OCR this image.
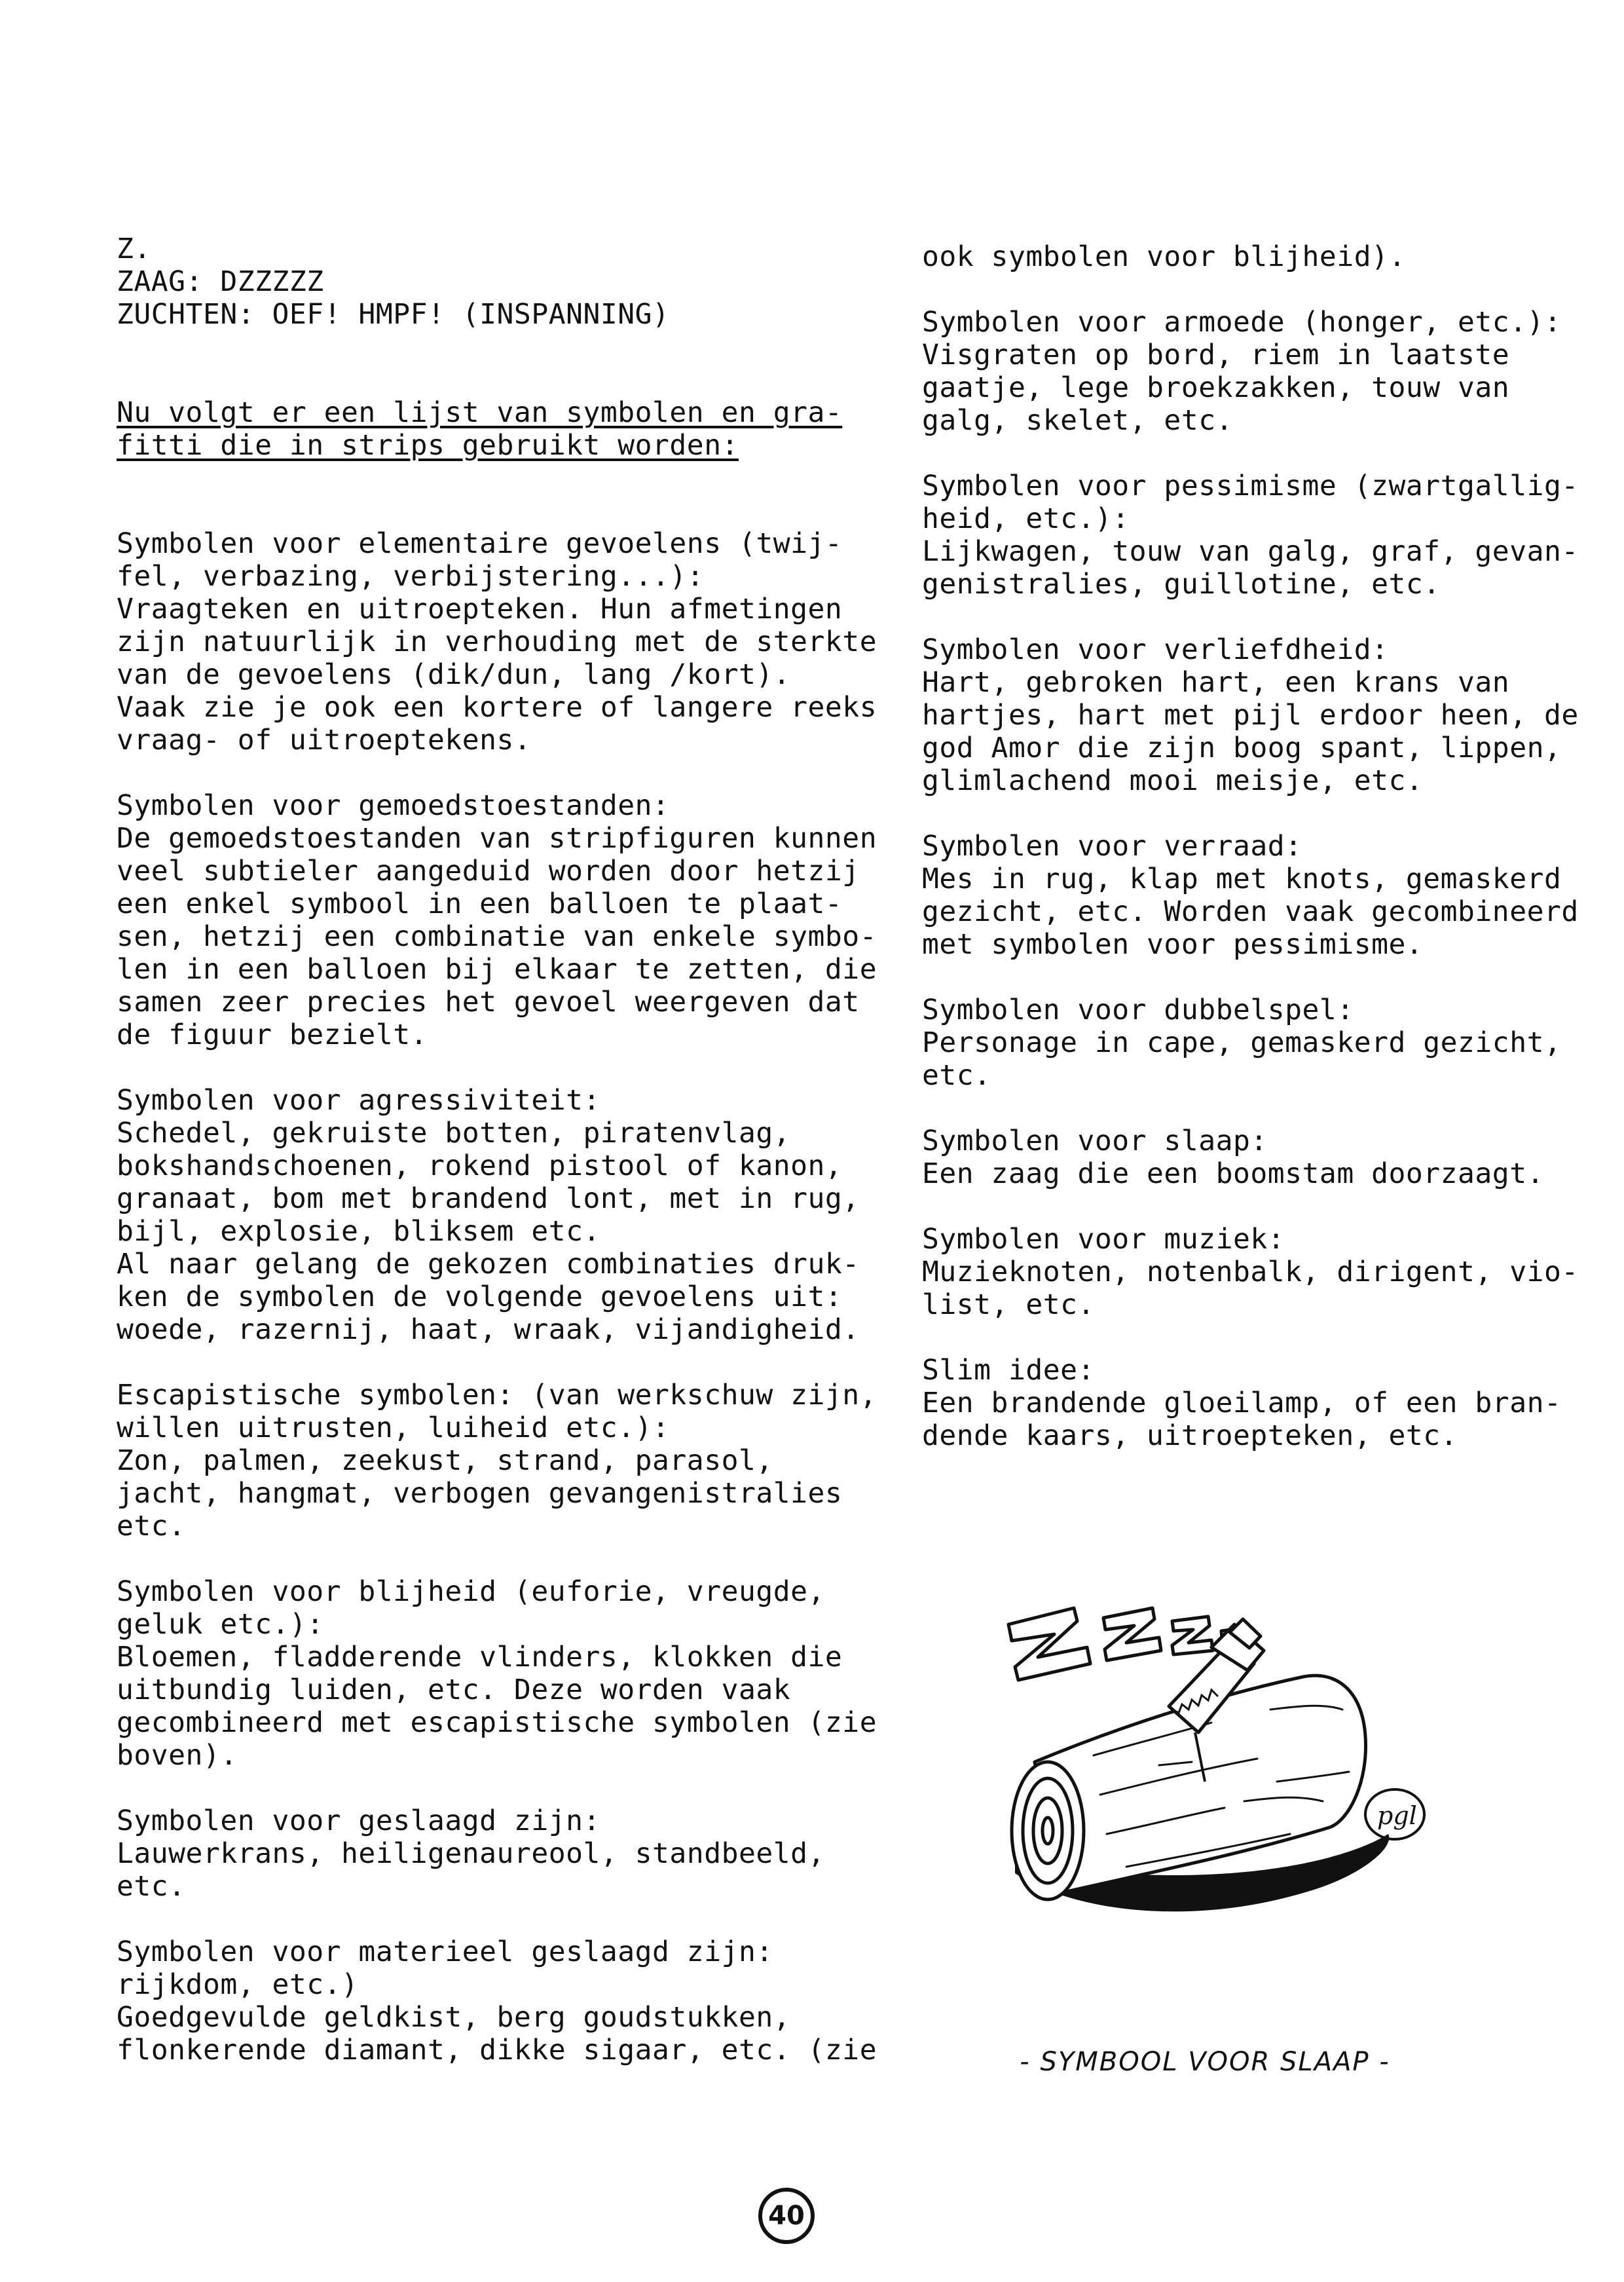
Z.
ZAAG: DZZZZZ
ZUCHTEN: OEF! HMPF! (INSPANNING)
Nu volgt er een lijst van symbolen en gra-
fitti die in strips gebruikt worden:
Symbolen voor elementaire gevoelens (twij-
fel, verbazing, verbijstering...):
Vraagteken en uitroepteken. Hun afmetingen
zijn natuurlijk in verhouding met de sterkte
van de gevoelens (dik/dun, lang /kort).
Vaak zie je ook een kortere of langere reeks
vraag- of uitroeptekens.
Symbolen voor gemoedstoestanden:
De gemoedstoestanden van stripfiguren kunnen
veel subtieler aangeduid worden door hetzij
een enkel symbool in een balloen te plaat-
sen, hetzij een combinatie van enkele symbo-
len in een balloen bij elkaar te zetten, die
samen zeer precies het gevoel weergeven dat
de figuur bezielt.
Symbolen voor agressiviteit:
Schedel, gekruiste botten, piratenvlag,
bokshandschoenen, rokend pistool of kanon,
granaat, bom met brandend lont, met in rug,
bijl, explosie, bliksem etc.
Al naar gelang de gekozen combinaties druk-
ken de symbolen de volgende gevoelens uit:
woede, razernij, haat, wraak, vijandigheid.
Escapistische symbolen: (van werkschuw zijn,
willen uitrusten, luiheid etc.):
Zon, palmen, zeekust, strand, parasol,
jacht, hangmat, verbogen gevangenistralies
etc.
Symbolen voor blijheid (euforie, vreugde,
geluk etc.):
Bloemen, fladderende vlinders, klokken die
uitbundig luiden, etc. Deze worden vaak
gecombineerd met escapistische symbolen (zie
boven).
Symbolen voor geslaagd zijn:
Lauwerkrans, heiligenaureool, standbeeld,
etc.
Symbolen voor materieel geslaagd zijn:
rijkdom, etc.)
Goedgevulde geldkist, berg goudstukken,
flonkerende diamant, dikke sigaar, etc. (zie
ook symbolen voor blijheid).
Symbolen voor armoede (honger, etc.):
Visgraten op bord, riem in laatste
gaatje, lege broekzakken, touw van
galg, skelet, etc.
Symbolen voor pessimisme (zwartgallig-
heid, etc.):
Lijkwagen, touw van galg, graf, gevan-
genistralies, guillotine, etc.
Symbolen voor verliefdheid:
Hart, gebroken hart, een krans van
hartjes, hart met pijl erdoor heen, de
god Amor die zijn boog spant, lippen,
glimlachend mooi meisje, etc.
Symbolen voor verraad:
Mes in rug, klap met knots, gemaskerd
gezicht, etc. Worden vaak gecombineerd
met symbolen voor pessimisme.
Symbolen voor dubbelspel:
Personage in cape, gemaskerd gezicht,
etc.
Symbolen voor slaap:
Een zaag die een boomstam doorzaagt.
Symbolen voor muziek:
Muzieknoten, notenbalk, dirigent, vio-
list, etc.
Slim idee:
Een brandende gloeilamp, of een bran-
dende kaars, uitroepteken, etc.
pgl
- SYMBOOL VOOR SLAAP -
40
